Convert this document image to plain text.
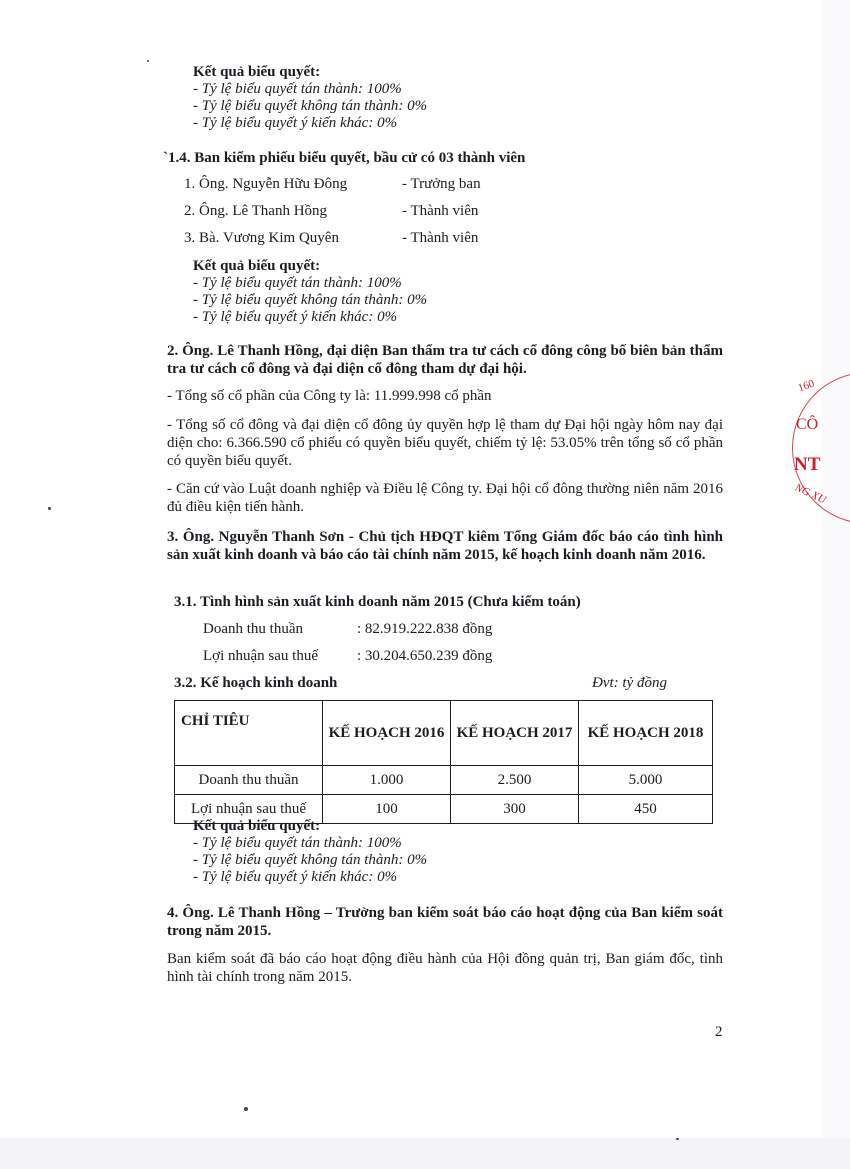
Kết quả biểu quyết:
- Tỷ lệ biểu quyết tán thành: 100%
- Tỷ lệ biểu quyết không tán thành: 0%
- Tỷ lệ biểu quyết ý kiến khác: 0%
`1.4. Ban kiểm phiếu biểu quyết, bầu cử có 03 thành viên
1. Ông. Nguyễn Hữu Đông	- Trưởng ban
2. Ông. Lê Thanh Hồng	- Thành viên
3. Bà. Vương Kim Quyên	- Thành viên
Kết quả biểu quyết:
- Tỷ lệ biểu quyết tán thành: 100%
- Tỷ lệ biểu quyết không tán thành: 0%
- Tỷ lệ biểu quyết ý kiến khác: 0%
2. Ông. Lê Thanh Hồng, đại diện Ban thẩm tra tư cách cổ đông công bố biên bản thẩm tra tư cách cổ đông và đại diện cổ đông tham dự đại hội.
- Tổng số cổ phần của Công ty là: 11.999.998 cổ phần
- Tổng số cổ đông và đại diện cổ đông ủy quyền hợp lệ tham dự Đại hội ngày hôm nay đại diện cho: 6.366.590 cổ phiếu có quyền biểu quyết, chiếm tỷ lệ: 53.05% trên tổng số cổ phần có quyền biểu quyết.
- Căn cứ vào Luật doanh nghiệp và Điều lệ Công ty. Đại hội cổ đông thường niên năm 2016 đủ điều kiện tiến hành.
3. Ông. Nguyễn Thanh Sơn - Chủ tịch HĐQT kiêm Tổng Giám đốc báo cáo tình hình sản xuất kinh doanh và báo cáo tài chính năm 2015, kế hoạch kinh doanh năm 2016.
3.1. Tình hình sản xuất kinh doanh năm 2015 (Chưa kiểm toán)
Doanh thu thuần	: 82.919.222.838 đồng
Lợi nhuận sau thuế	: 30.204.650.239 đồng
3.2. Kế hoạch kinh doanh	Đvt: tỷ đồng
CHỈ TIÊU	KẾ HOẠCH 2016	KẾ HOẠCH 2017	KẾ HOẠCH 2018
Doanh thu thuần	1.000	2.500	5.000
Lợi nhuận sau thuế	100	300	450
Kết quả biểu quyết:
- Tỷ lệ biểu quyết tán thành: 100%
- Tỷ lệ biểu quyết không tán thành: 0%
- Tỷ lệ biểu quyết ý kiến khác: 0%
4. Ông. Lê Thanh Hồng – Trưởng ban kiểm soát báo cáo hoạt động của Ban kiểm soát trong năm 2015.
Ban kiểm soát đã báo cáo hoạt động điều hành của Hội đồng quản trị, Ban giám đốc, tình hình tài chính trong năm 2015.
2
160
CÔ
NT
NG XU
